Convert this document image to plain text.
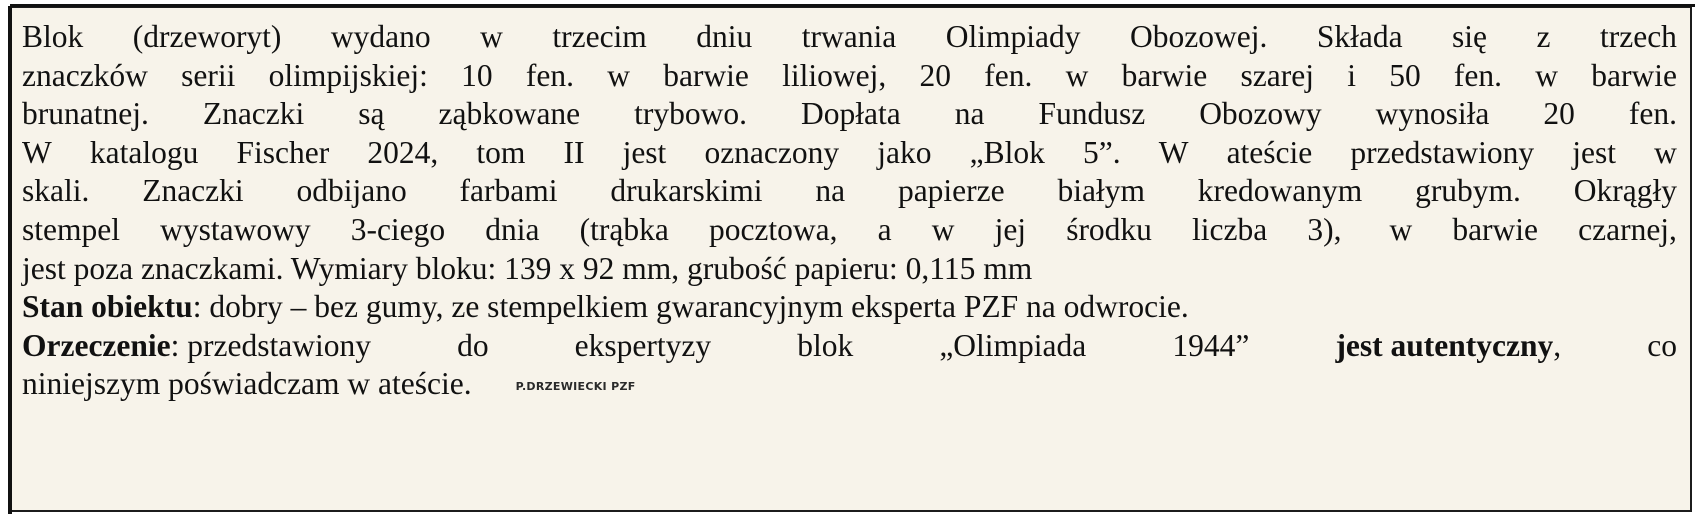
Blok (drzeworyt) wydano w trzecim dniu trwania Olimpiady Obozowej. Składa się z trzech
znaczków serii olimpijskiej: 10 fen. w barwie liliowej, 20 fen. w barwie szarej i 50 fen. w barwie
brunatnej. Znaczki są ząbkowane trybowo. Dopłata na Fundusz Obozowy wynosiła 20 fen.
W katalogu Fischer 2024, tom II jest oznaczony jako „Blok 5”. W ateście przedstawiony jest w
skali. Znaczki odbijano farbami drukarskimi na papierze białym kredowanym grubym. Okrągły
stempel wystawowy 3-ciego dnia (trąbka pocztowa, a w jej środku liczba 3), w barwie czarnej,
jest poza znaczkami. Wymiary bloku: 139 x 92 mm, grubość papieru: 0,115 mm
Stan obiektu : dobry – bez gumy, ze stempelkiem gwarancyjnym eksperta PZF na odwrocie.
Orzeczenie: przedstawiony	do	ekspertyzy	blok	„Olimpiada	1944”	jest autentyczny,	co
niniejszym poświadczam w ateście.	P.DRZEWIECKI PZF
